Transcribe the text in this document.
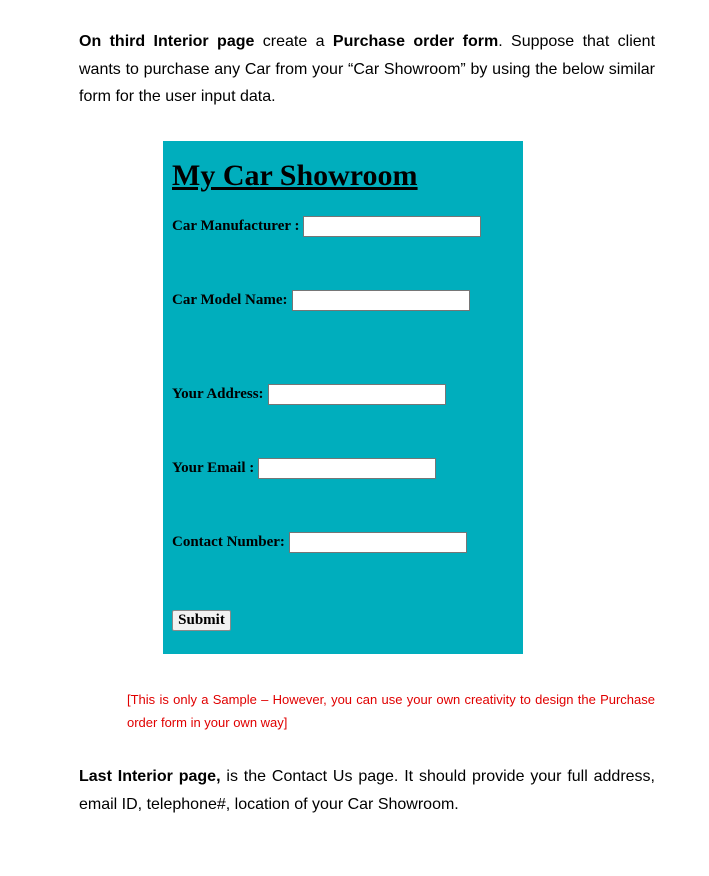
On third Interior page create a Purchase order form. Suppose that client wants to purchase any Car from your “Car Showroom” by using the below similar form for the user input data.
My Car Showroom
Car Manufacturer :
Car Model Name:
Your Address:
Your Email :
Contact Number:
Submit
[This is only a Sample – However, you can use your own creativity to design the Purchase order form in your own way]
Last Interior page, is the Contact Us page. It should provide your full address, email ID, telephone#, location of your Car Showroom.
